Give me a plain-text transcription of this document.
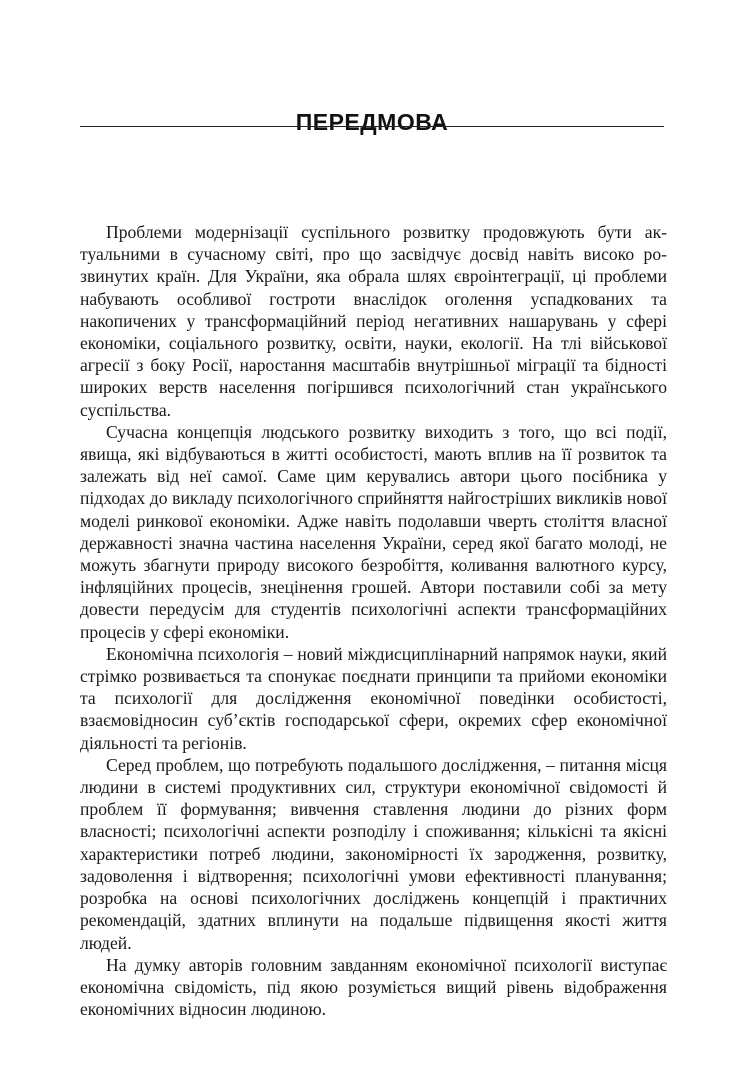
ПЕРЕДМОВА

Проблеми модернізації суспільного розвитку продовжують бути актуальними в сучасному світі, про що засвідчує досвід навіть високо розвинутих країн. Для України, яка обрала шлях євроінтеграції, ці проблеми набувають особливої гостроти внаслідок оголення успадкованих та накопичених у трансформаційний період негативних нашарувань у сфері економіки, соціального розвитку, освіти, науки, екології. На тлі військової агресії з боку Росії, наростання масштабів внутрішньої міграції та бідності широких верств населення погіршився психологічний стан українського суспільства.

Сучасна концепція людського розвитку виходить з того, що всі події, явища, які відбуваються в житті особистості, мають вплив на її розвиток та залежать від неї самої. Саме цим керувались автори цього посібника у підходах до викладу психологічного сприйняття найгостріших викликів нової моделі ринкової економіки. Адже навіть подолавши чверть століття власної державності значна частина населення України, серед якої багато молоді, не можуть збагнути природу високого безробіття, коливання валютного курсу, інфляційних процесів, знецінення грошей. Автори поставили собі за мету довести передусім для студентів психологічні аспекти трансформаційних процесів у сфері економіки.

Економічна психологія – новий міждисциплінарний напрямок науки, який стрімко розвивається та спонукає поєднати принципи та прийоми економіки та психології для дослідження економічної поведінки особистості, взаємовідносин суб’єктів господарської сфери, окремих сфер економічної діяльності та регіонів.

Серед проблем, що потребують подальшого дослідження, – питання місця людини в системі продуктивних сил, структури економічної свідомості й проблем її формування; вивчення ставлення людини до різних форм власності; психологічні аспекти розподілу і споживання; кількісні та якісні характеристики потреб людини, закономірності їх зародження, розвитку, задоволення і відтворення; психологічні умови ефективності планування; розробка на основі психологічних досліджень концепцій і практичних рекомендацій, здатних вплинути на подальше підвищення якості життя людей.

На думку авторів головним завданням економічної психології виступає економічна свідомість, під якою розуміється вищий рівень відображення економічних відносин людиною.
